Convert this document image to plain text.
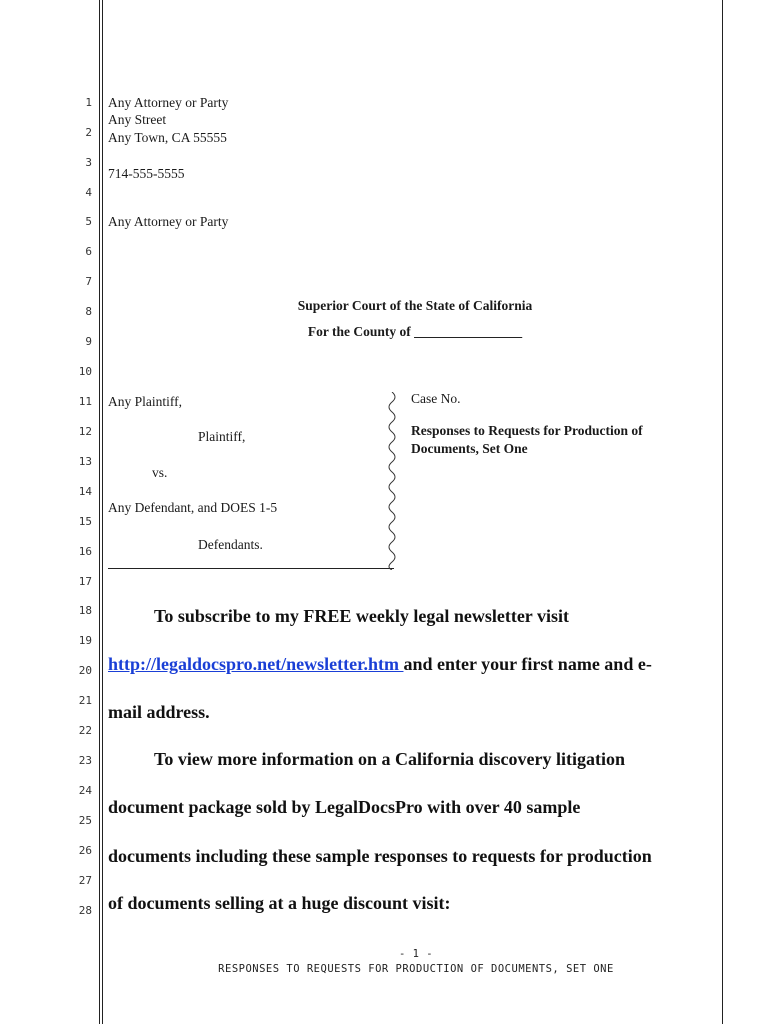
1
2
3
4
5
6
7
8
9
10
11
12
13
14
15
16
17
18
19
20
21
22
23
24
25
26
27
28
Any Attorney or Party
Any Street
Any Town, CA 55555
714-555-5555
Any Attorney or Party
Superior Court of the State of California
For the County of ________________
Any Plaintiff,
Plaintiff,
vs.
Any Defendant, and DOES 1-5
Defendants.
Case No.
Responses to Requests for Production of
Documents, Set One
To subscribe to my FREE weekly legal newsletter visit
http://legaldocspro.net/newsletter.htm and enter your first name and e-
mail address.
To view more information on a California discovery litigation
document package sold by LegalDocsPro with over 40 sample
documents including these sample responses to requests for production
of documents selling at a huge discount visit:
- 1 -
RESPONSES TO REQUESTS FOR PRODUCTION OF DOCUMENTS, SET ONE
